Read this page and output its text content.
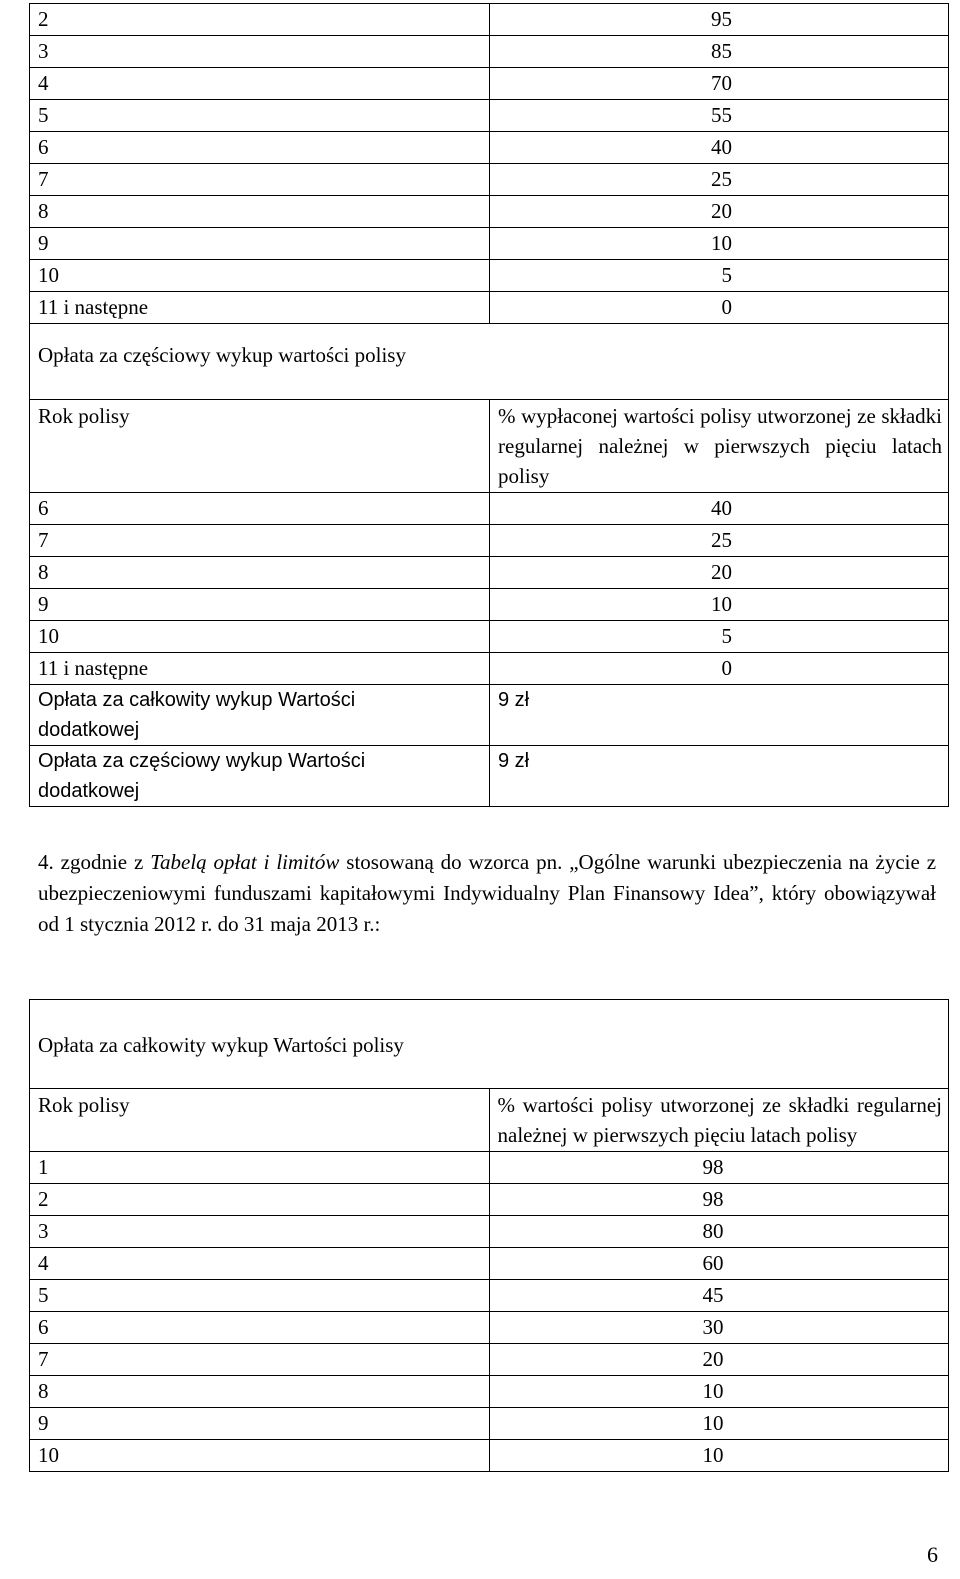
2	95
3	85
4	70
5	55
6	40
7	25
8	20
9	10
10	5
11 i następne	0

Opłata za częściowy wykup wartości polisy	

Rok polisy	% wypłaconej wartości polisy utworzonej ze składki regularnej należnej w pierwszych pięciu latach polisy
6	40
7	25
8	20
9	10
10	5
11 i następne	0
Opłata za całkowity wykup Wartości dodatkowej	9 zł
Opłata za częściowy wykup Wartości dodatkowej	9 zł
4. zgodnie z Tabelą opłat i limitów stosowaną do wzorca pn. „Ogólne warunki ubezpieczenia na życie z ubezpieczeniowymi funduszami kapitałowymi Indywidualny Plan Finansowy Idea”, który obowiązywał od 1 stycznia 2012 r. do 31 maja 2013 r.:
Opłata za całkowity wykup Wartości polisy	
Rok polisy	% wartości polisy utworzonej ze składki regularnej należnej w pierwszych pięciu latach polisy
1	98
2	98
3	80
4	60
5	45
6	30
7	20
8	10
9	10
10	10
6
